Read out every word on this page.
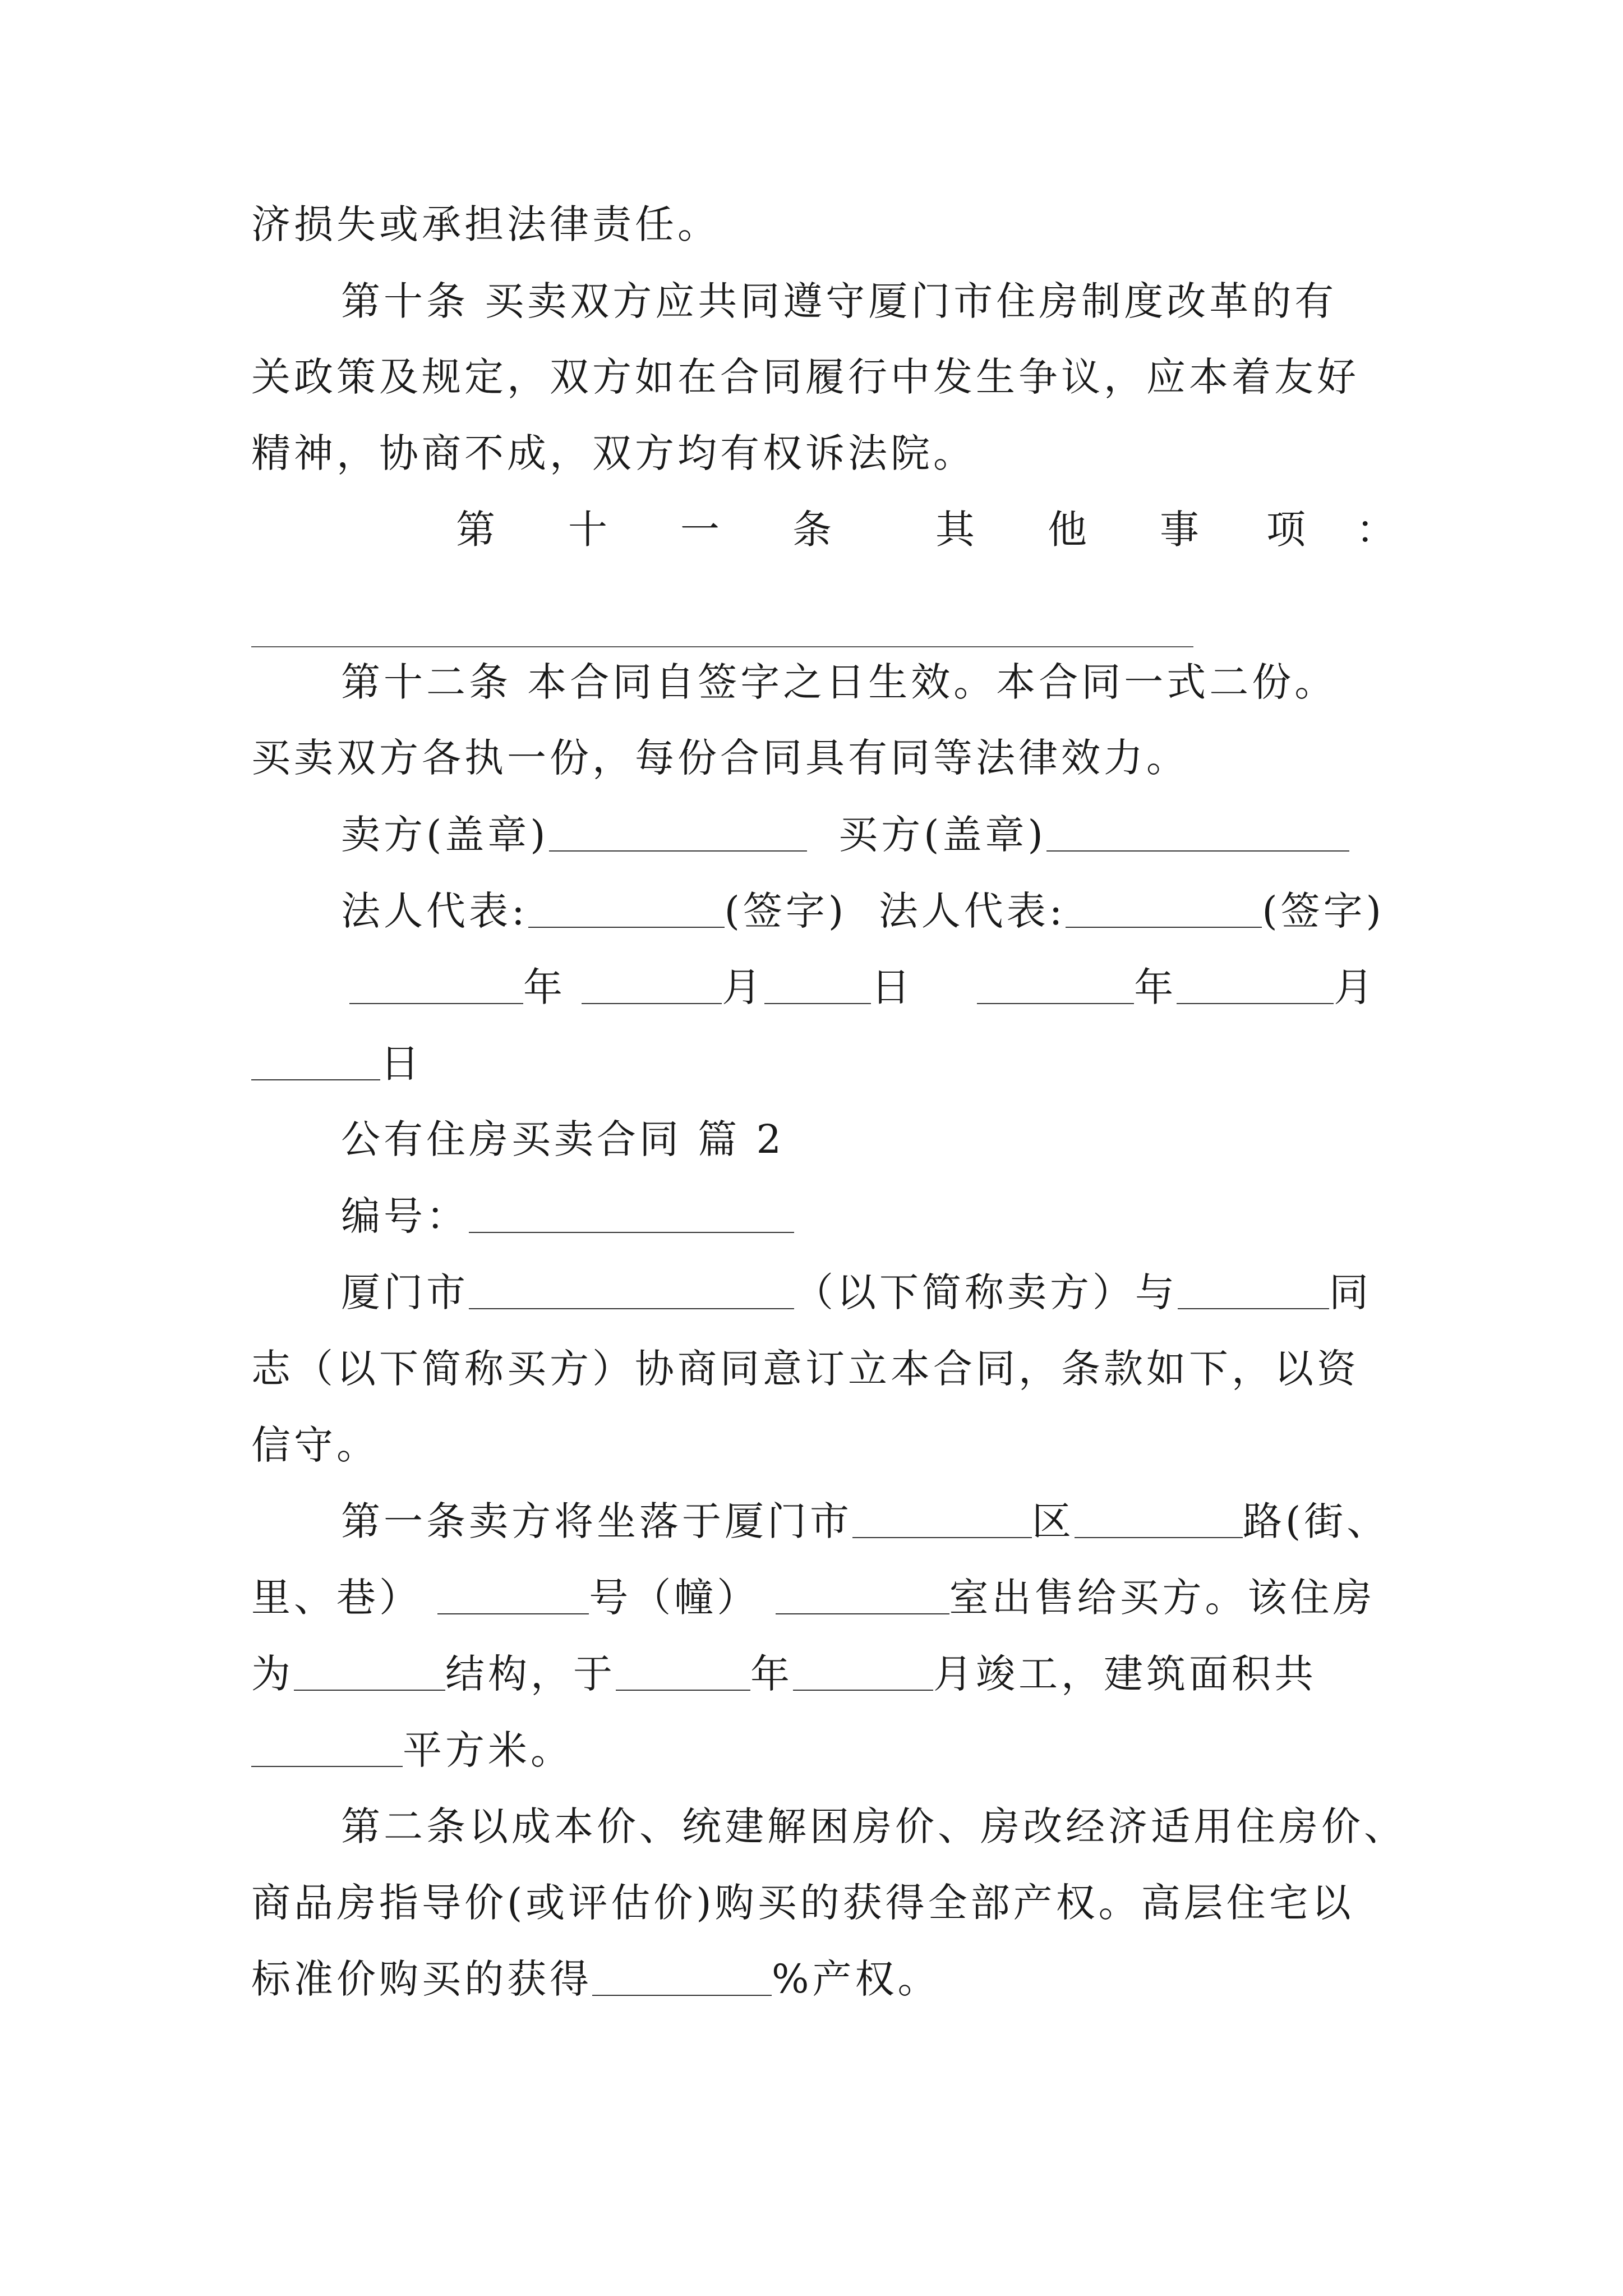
济损失或承担法律责任。
第十条 买卖双方应共同遵守厦门市住房制度改革的有
关政策及规定，双方如在合同履行中发生争议，应本着友好
精神，协商不成，双方均有权诉法院。
第 十 一 条	其 他 事 项 ：
第十二条 本合同自签字之日生效。本合同一式二份。
买卖双方各执一份，每份合同具有同等法律效力。
卖方(盖章)	买方(盖章)
法人代表:	(签字) 法人代表:	(签字)
年	月	日	年	月
日
公有住房买卖合同 篇 2
编号：
厦门市	（以下简称卖方）与	同
志（以下简称买方）协商同意订立本合同，条款如下，以资
信守。
第一条卖方将坐落于厦门市	区	路(街、
里、巷）	号（幢）	室出售给买方。该住房
为	结构，于	年	月竣工，建筑面积共
平方米。
第二条以成本价、统建解困房价、房改经济适用住房价、
商品房指导价(或评估价)购买的获得全部产权。高层住宅以
标准价购买的获得	%产权。
